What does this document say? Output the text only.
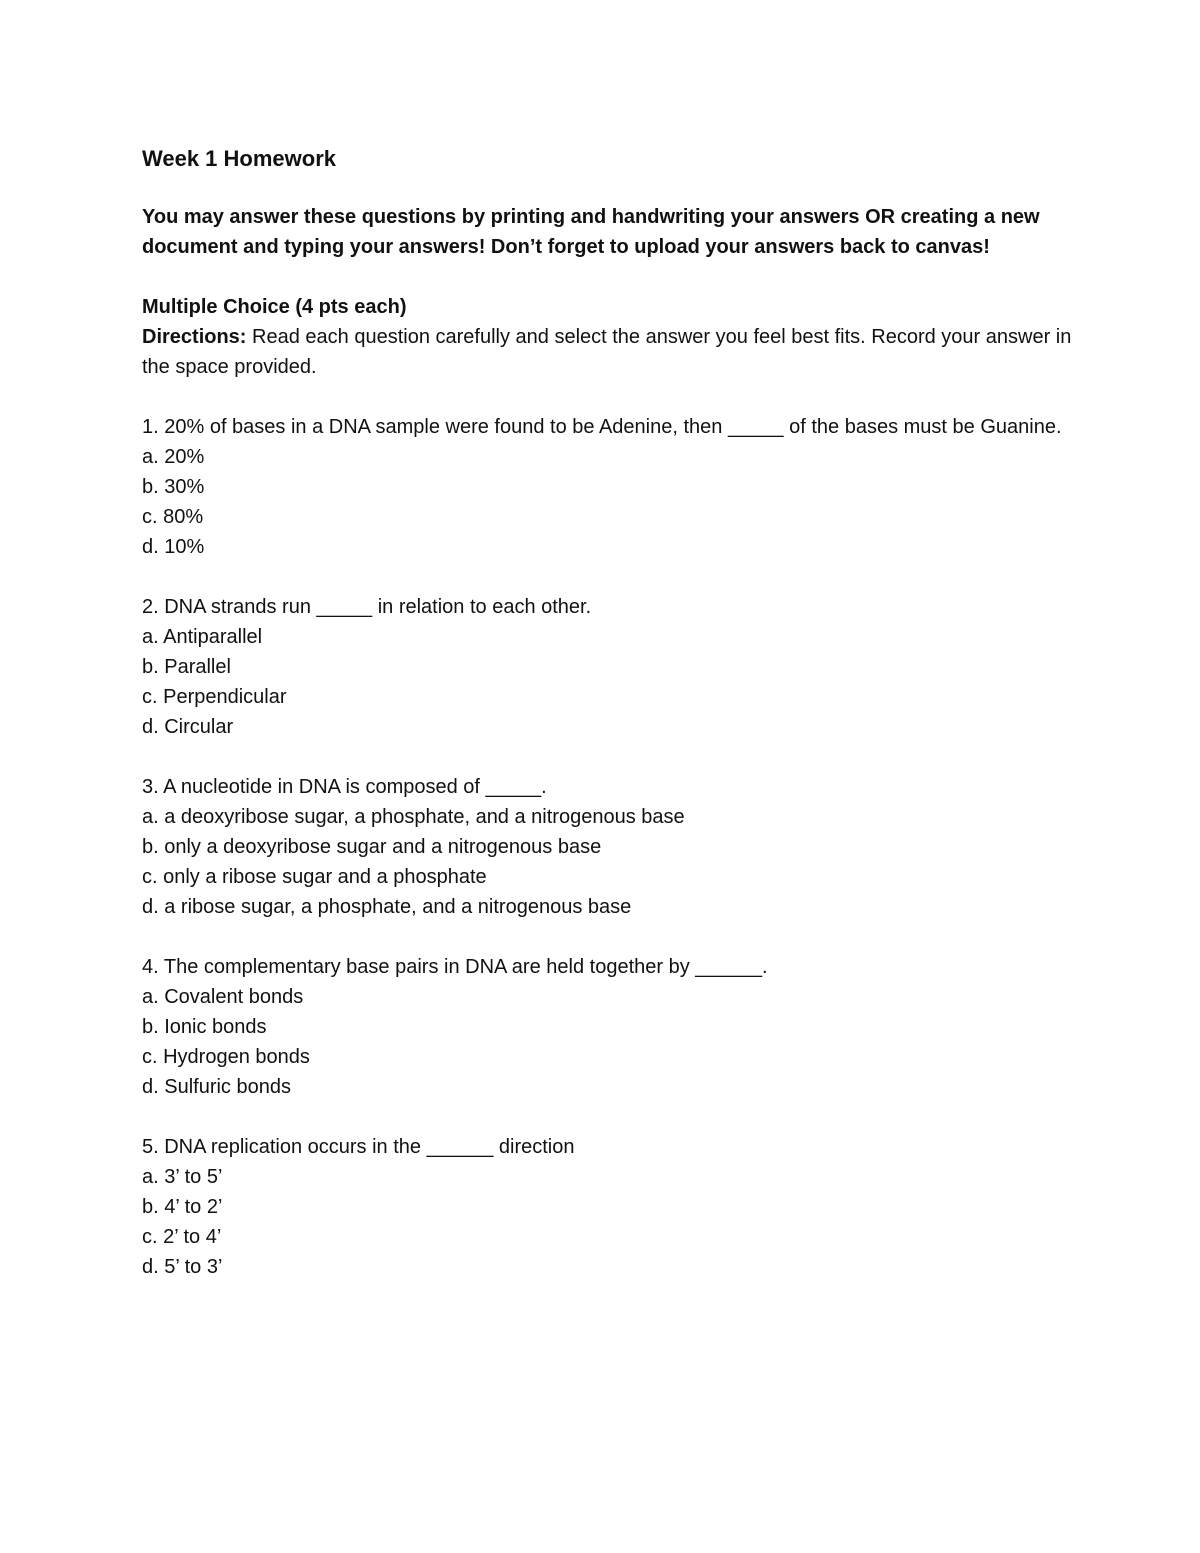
Week 1 Homework

You may answer these questions by printing and handwriting your answers OR creating a new document and typing your answers! Don’t forget to upload your answers back to canvas!

Multiple Choice (4 pts each)

Directions: Read each question carefully and select the answer you feel best fits. Record your answer in the space provided.

1. 20% of bases in a DNA sample were found to be Adenine, then _____ of the bases must be Guanine.

a. 20%

b. 30%

c. 80%

d. 10%

2. DNA strands run _____ in relation to each other.

a. Antiparallel

b. Parallel

c. Perpendicular

d. Circular

3. A nucleotide in DNA is composed of _____.

a. a deoxyribose sugar, a phosphate, and a nitrogenous base

b. only a deoxyribose sugar and a nitrogenous base

c. only a ribose sugar and a phosphate

d. a ribose sugar, a phosphate, and a nitrogenous base

4. The complementary base pairs in DNA are held together by ______.

a. Covalent bonds

b. Ionic bonds

c. Hydrogen bonds

d. Sulfuric bonds

5. DNA replication occurs in the ______ direction

a. 3’ to 5’

b. 4’ to 2’

c. 2’ to 4’

d. 5’ to 3’
